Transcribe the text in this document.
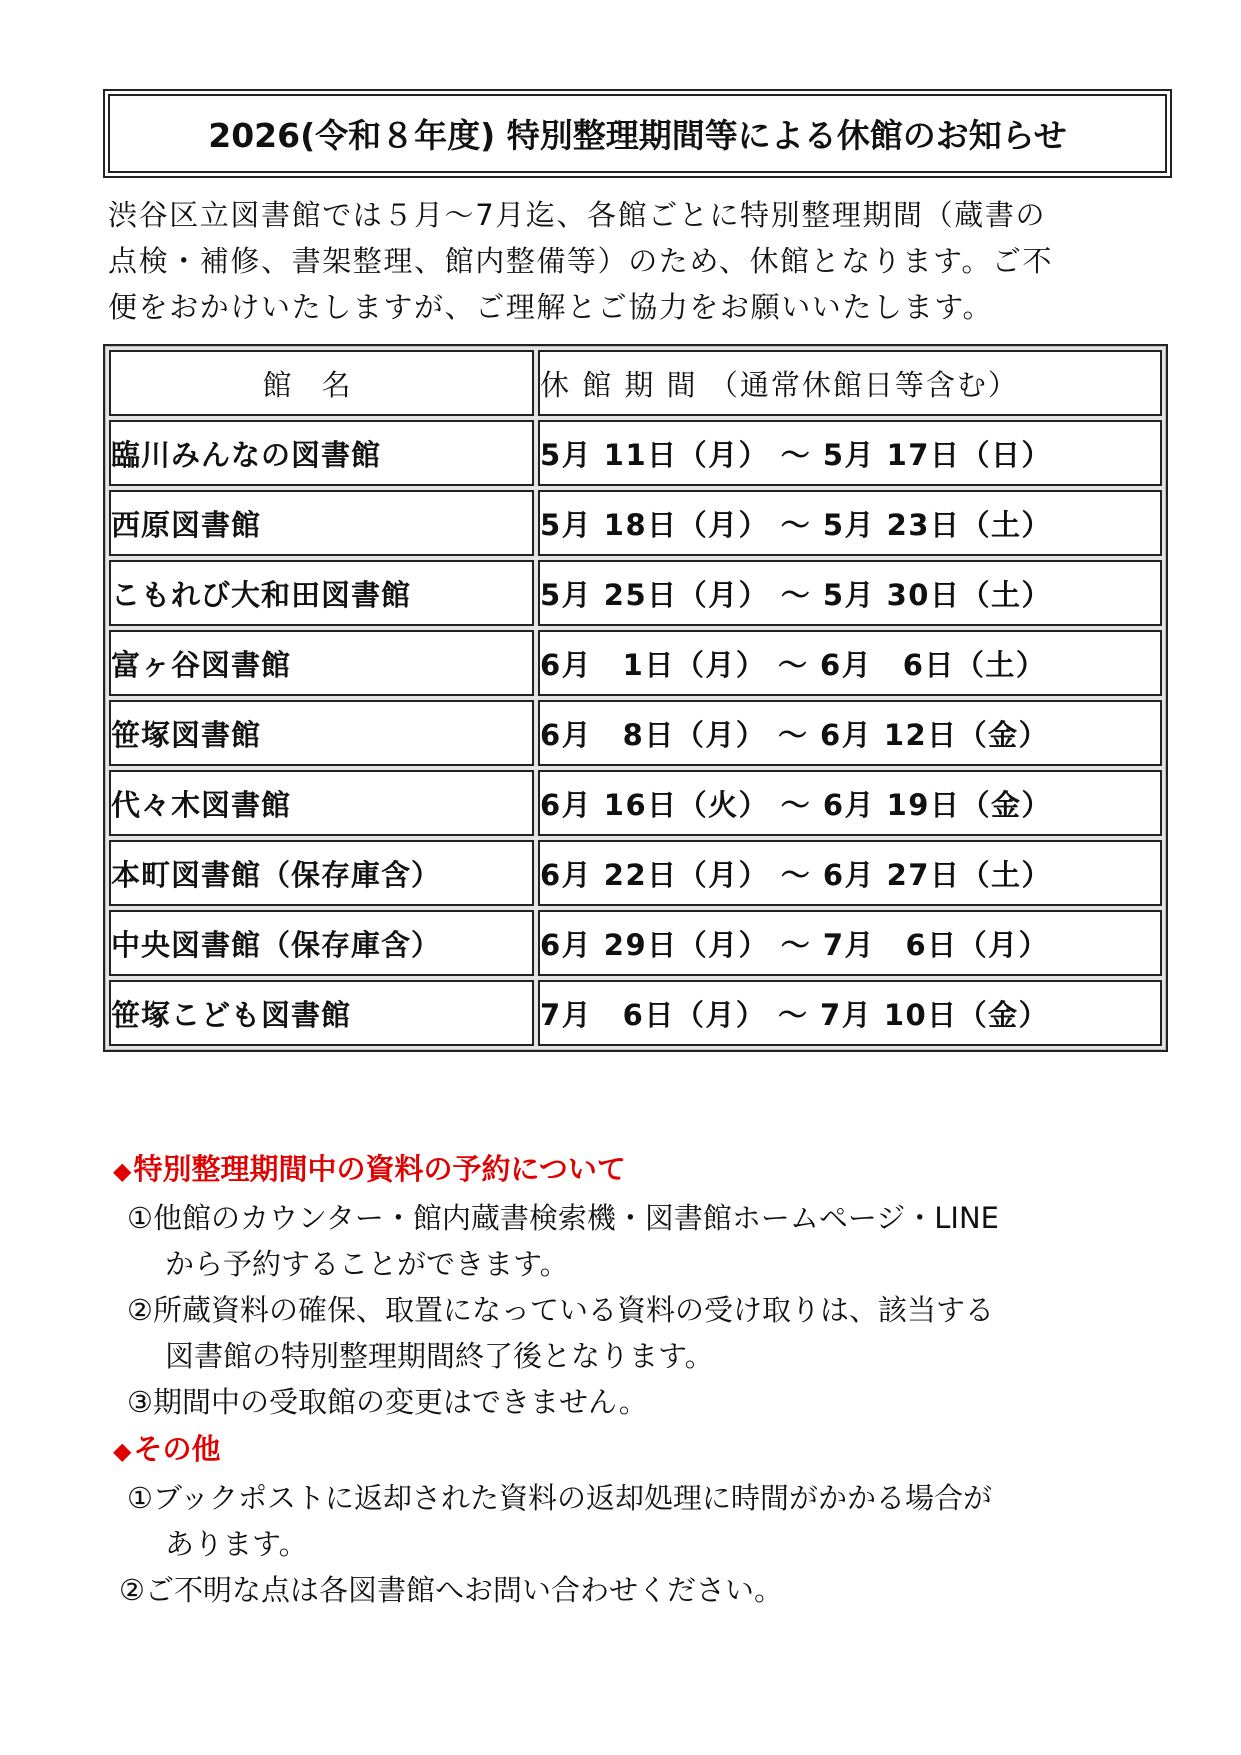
2026(令和８年度) 特別整理期間等による休館のお知らせ
渋谷区立図書館では５月～7月迄、各館ごとに特別整理期間（蔵書の
点検・補修、書架整理、館内整備等）のため、休館となります。ご不
便をおかけいたしますが、ご理解とご協力をお願いいたします。
館名	休 館 期 間 （通常休館日等含む）
臨川みんなの図書館	5月 11日（月） ～ 5月 17日（日）
西原図書館	5月 18日（月） ～ 5月 23日（土）
こもれび大和田図書館	5月 25日（月） ～ 5月 30日（土）
富ヶ谷図書館	6月　1日（月） ～ 6月　6日（土）
笹塚図書館	6月　8日（月） ～ 6月 12日（金）
代々木図書館	6月 16日（火） ～ 6月 19日（金）
本町図書館（保存庫含）	6月 22日（月） ～ 6月 27日（土）
中央図書館（保存庫含）	6月 29日（月） ～ 7月　6日（月）
笹塚こども図書館	7月　6日（月） ～ 7月 10日（金）
◆特別整理期間中の資料の予約について
①他館のカウンター・館内蔵書検索機・図書館ホームページ・LINE
から予約することができます。
②所蔵資料の確保、取置になっている資料の受け取りは、該当する
図書館の特別整理期間終了後となります。
③期間中の受取館の変更はできません。
◆その他
①ブックポストに返却された資料の返却処理に時間がかかる場合が
あります。
②ご不明な点は各図書館へお問い合わせください。
